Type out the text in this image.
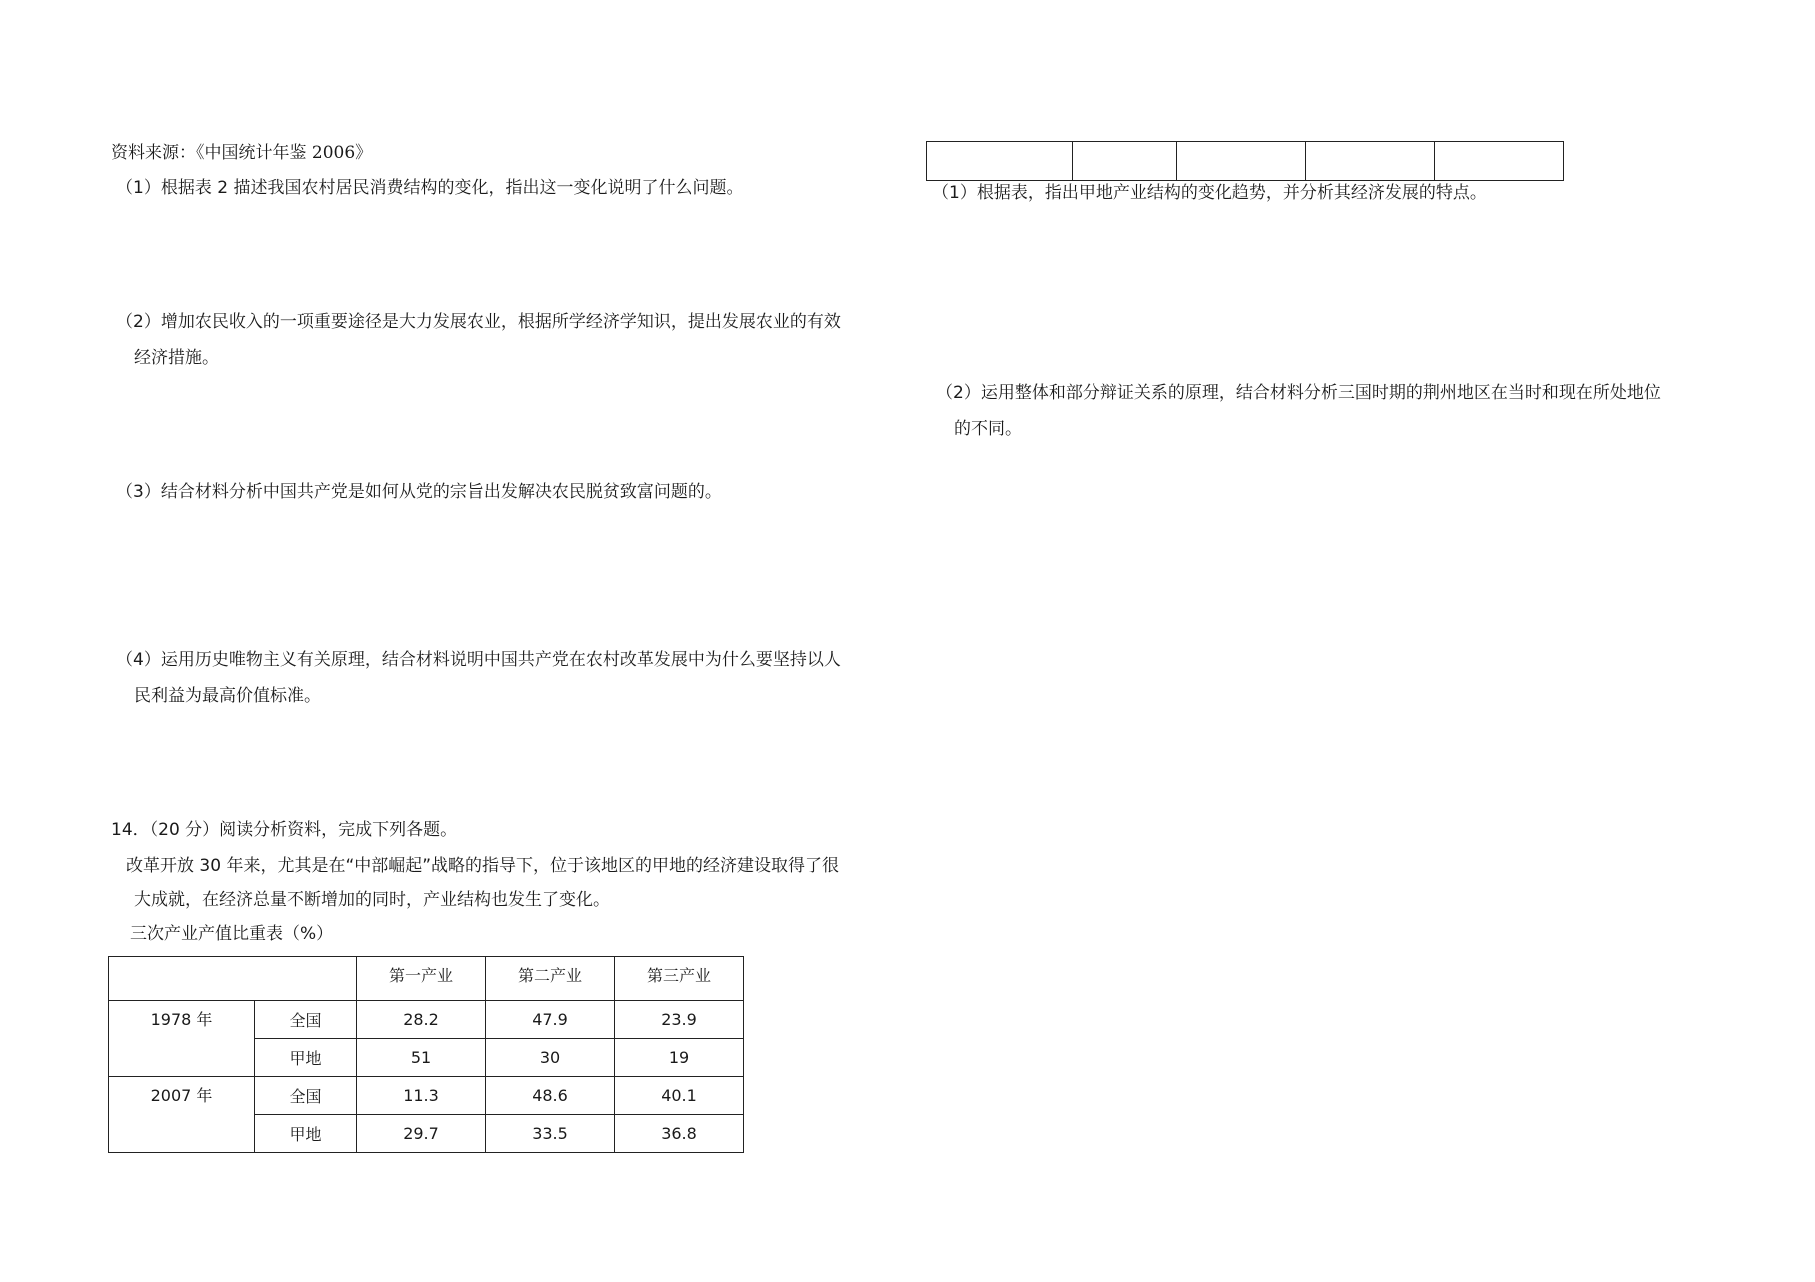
资料来源：《中国统计年鉴 2006》
（1）根据表 2 描述我国农村居民消费结构的变化，指出这一变化说明了什么问题。
（2）增加农民收入的一项重要途径是大力发展农业，根据所学经济学知识，提出发展农业的有效
经济措施。
（3）结合材料分析中国共产党是如何从党的宗旨出发解决农民脱贫致富问题的。
（4）运用历史唯物主义有关原理，结合材料说明中国共产党在农村改革发展中为什么要坚持以人
民利益为最高价值标准。
14．（20 分）阅读分析资料，完成下列各题。
改革开放 30 年来，尤其是在“中部崛起”战略的指导下，位于该地区的甲地的经济建设取得了很
大成就，在经济总量不断增加的同时，产业结构也发生了变化。
三次产业产值比重表（%）
		第一产业	第二产业	第三产业
1978 年	全国	28.2	47.9	23.9
	甲地	51	30	19
2007 年	全国	11.3	48.6	40.1
	甲地	29.7	33.5	36.8

（1）根据表，指出甲地产业结构的变化趋势，并分析其经济发展的特点。
（2）运用整体和部分辩证关系的原理，结合材料分析三国时期的荆州地区在当时和现在所处地位
的不同。
